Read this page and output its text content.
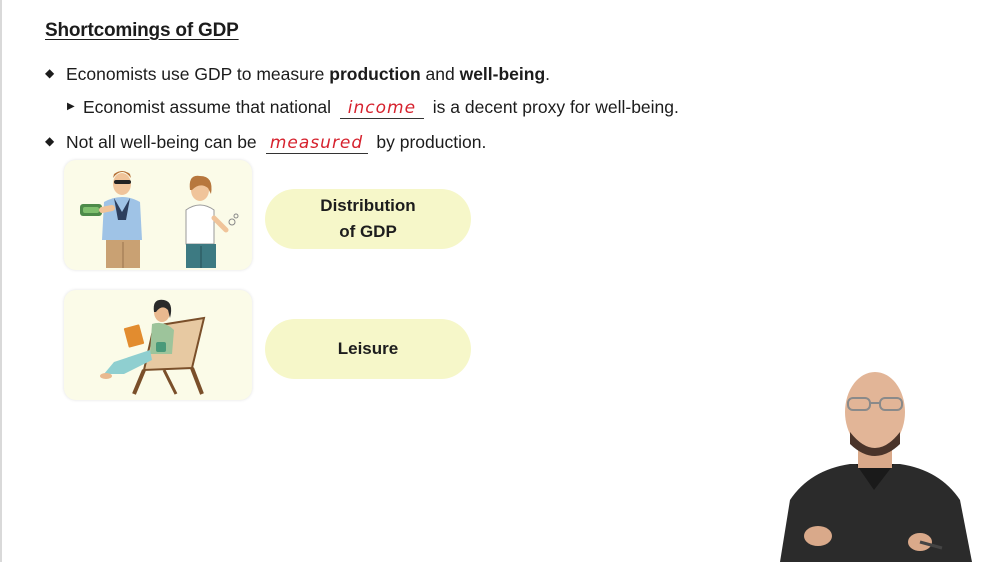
Shortcomings of GDP
◆ Economists use GDP to measure production and well-being.
▶ Economist assume that national income is a decent proxy for well-being.
◆ Not all well-being can be measured by production.
Distribution
of GDP
Leisure
